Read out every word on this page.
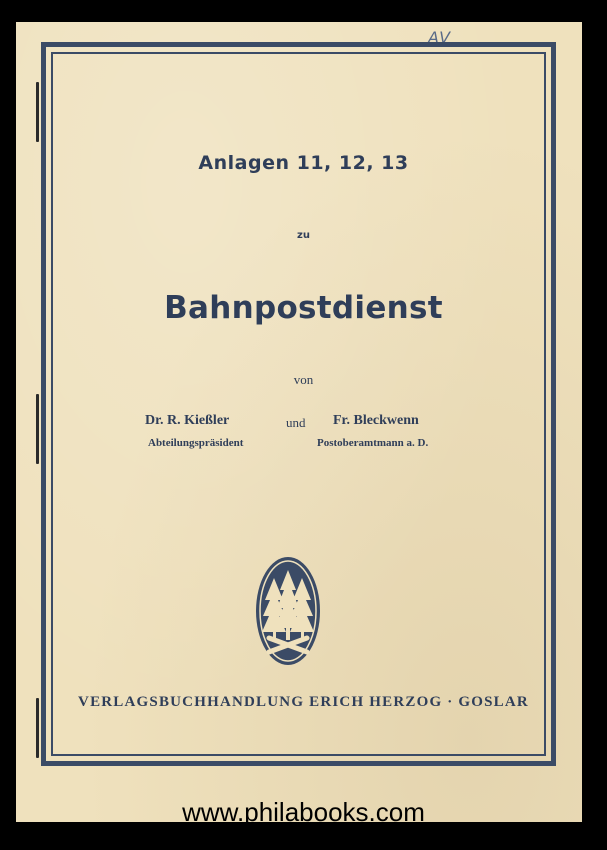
AV
Anlagen 11, 12, 13
zu
Bahnpostdienst
von
Dr. R. Kießler
Abteilungspräsident
und Fr. Bleckwenn
Postoberamtmann a. D.
VERLAGSBUCHHANDLUNG ERICH HERZOG · GOSLAR
www.philabooks.com
